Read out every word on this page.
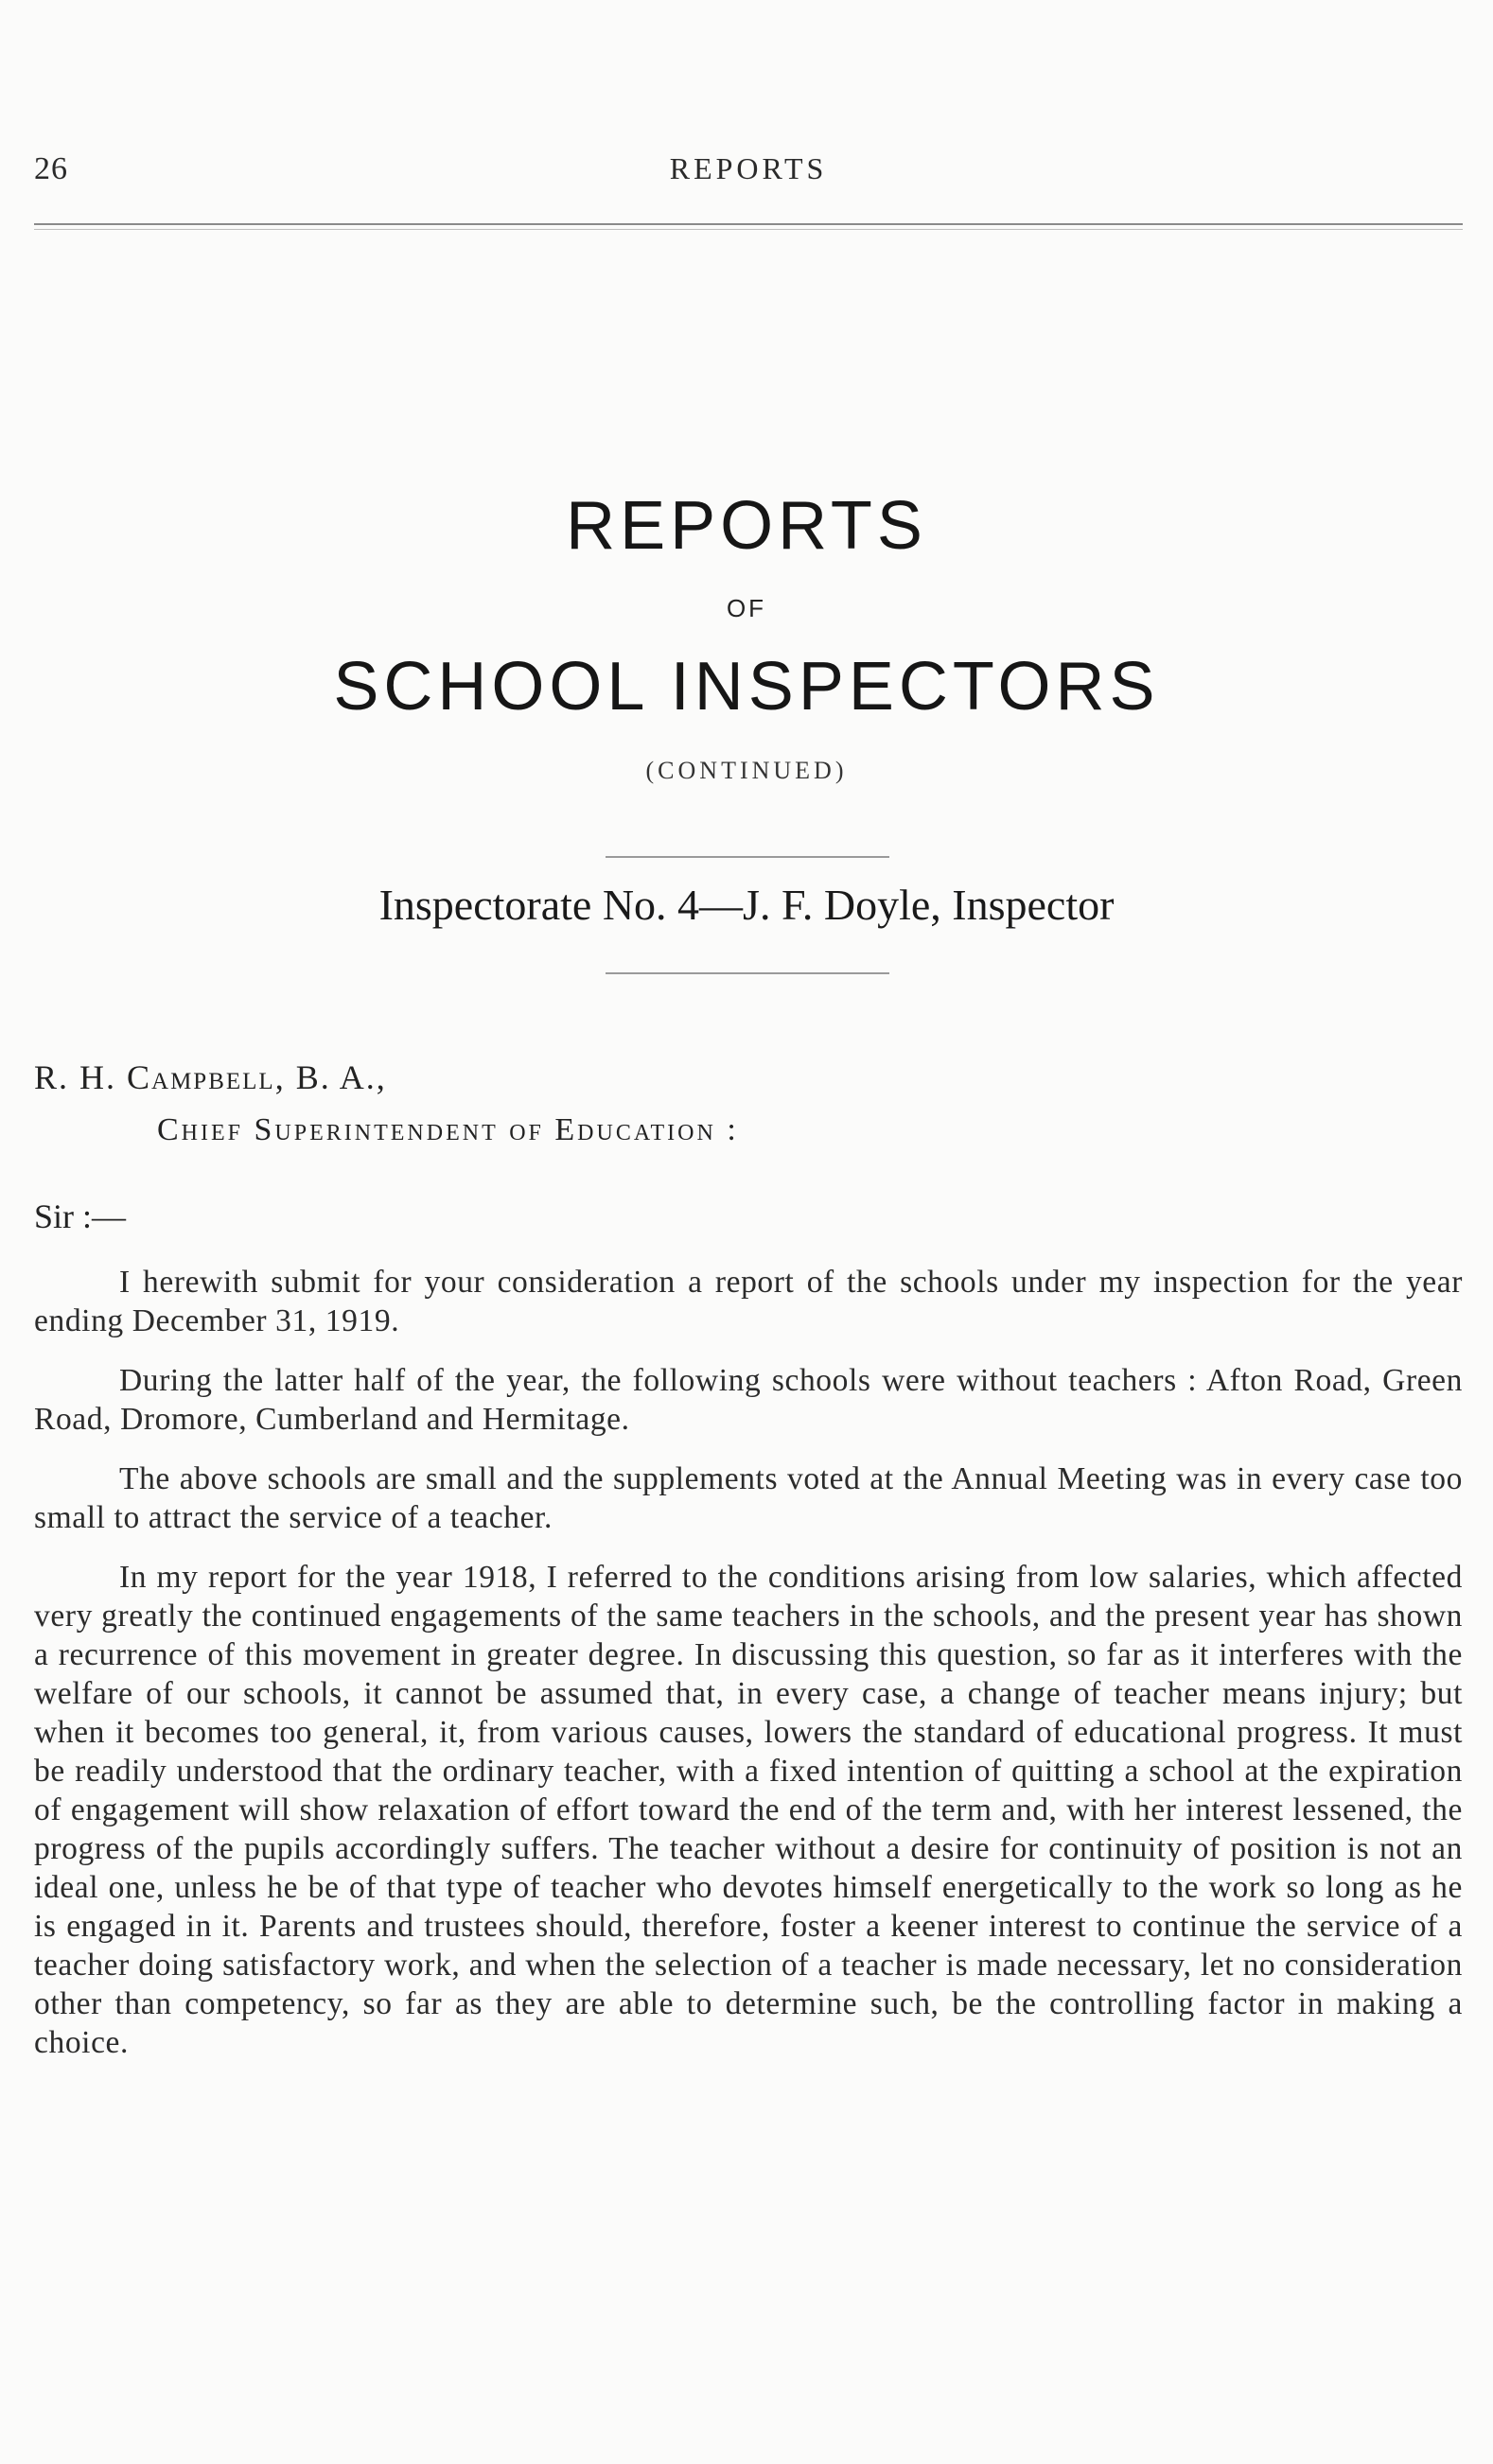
26	REPORTS
REPORTS
OF
SCHOOL INSPECTORS
(CONTINUED)
Inspectorate No. 4—J. F. Doyle, Inspector
R. H. Campbell, B. A.,
Chief Superintendent of Education :
Sir :—

I herewith submit for your consideration a report of the schools under my inspection for the year ending December 31, 1919.

During the latter half of the year, the following schools were without teachers : Afton Road, Green Road, Dromore, Cumberland and Hermitage.

The above schools are small and the supplements voted at the Annual Meeting was in every case too small to attract the service of a teacher.

In my report for the year 1918, I referred to the conditions arising from low salaries, which affected very greatly the continued engagements of the same teachers in the schools, and the present year has shown a recurrence of this movement in greater degree. In discussing this question, so far as it interferes with the welfare of our schools, it cannot be assumed that, in every case, a change of teacher means injury; but when it becomes too general, it, from various causes, lowers the standard of educational progress. It must be readily understood that the ordinary teacher, with a fixed intention of quitting a school at the expiration of engagement will show relaxation of effort toward the end of the term and, with her interest lessened, the progress of the pupils accordingly suffers. The teacher without a desire for continuity of position is not an ideal one, unless he be of that type of teacher who devotes himself energetically to the work so long as he is engaged in it. Parents and trustees should, therefore, foster a keener interest to continue the service of a teacher doing satisfactory work, and when the selection of a teacher is made necessary, let no consideration other than competency, so far as they are able to determine such, be the controlling factor in making a choice.
